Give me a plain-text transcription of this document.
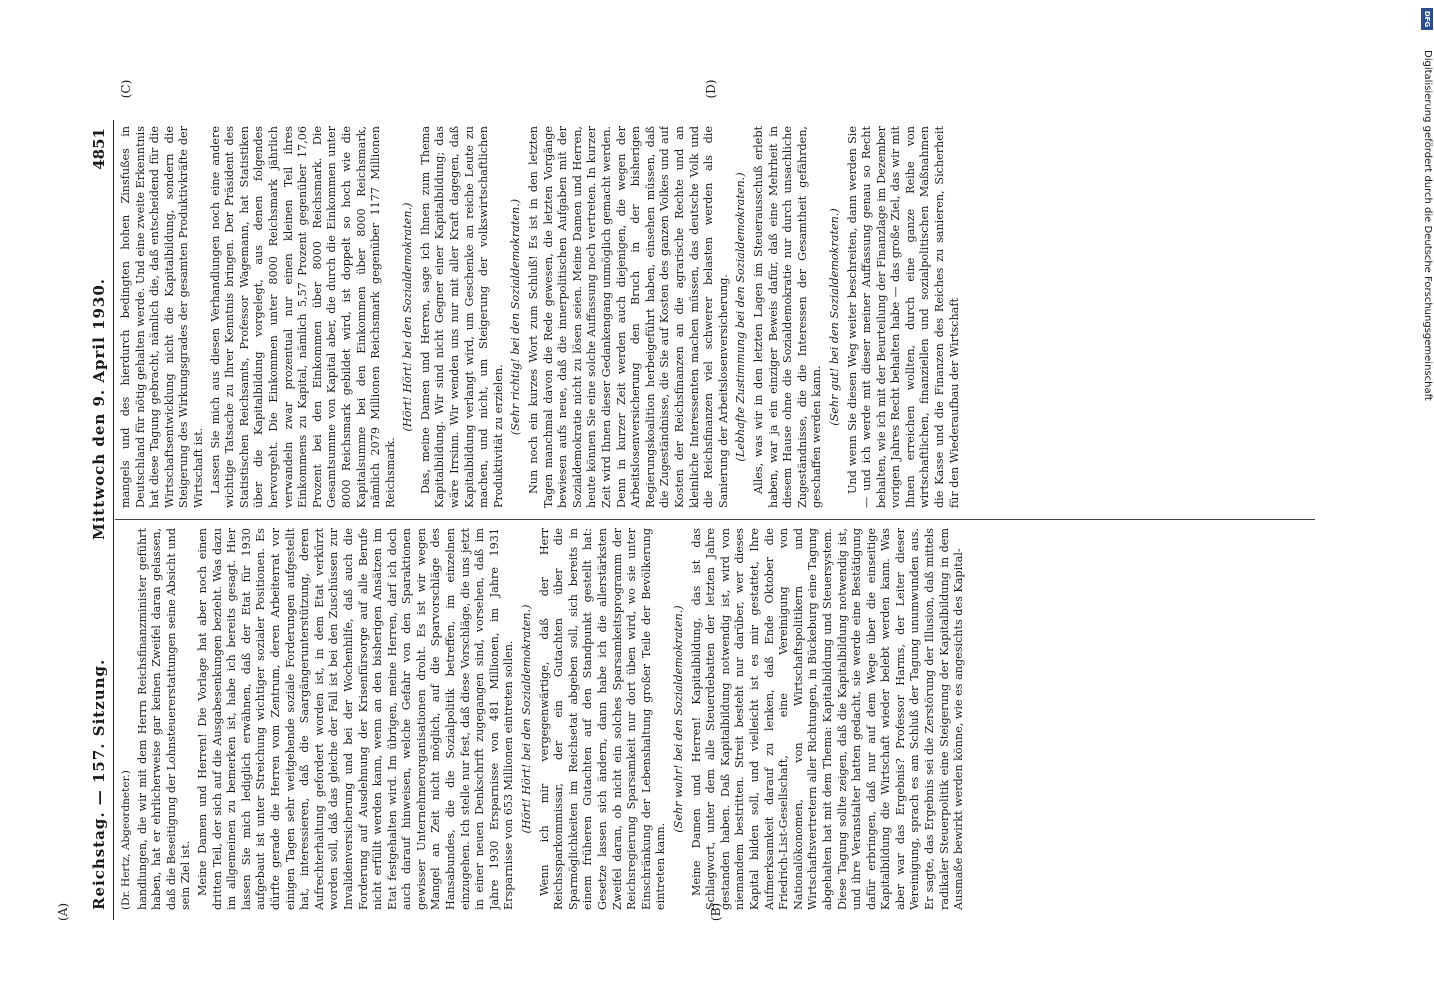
Reichstag. — 157. Sitzung.
Mittwoch den 9. April 1930.
4851

(Dr. Hertz, Abgeordneter.) handlungen, die wir mit dem Herrn Reichsfinanzminister geführt haben, hat er ehrlicherweise gar keinen Zweifel daran gelassen, daß die Beseitigung der Lohnsteuererstattungen seine Absicht und sein Ziel ist. Meine Damen und Herren! Die Vorlage hat aber noch einen dritten Teil, der sich auf die Ausgabesenkungen bezieht. Was dazu im allgemeinen zu bemerken ist, habe ich bereits gesagt. Hier lassen Sie mich lediglich erwähnen, daß der Etat für 1930 aufgebaut ist unter Streichung wichtiger sozialer Positionen. Es dürfte gerade die Herren vom Zentrum, deren Arbeiterrat vor einigen Tagen sehr weitgehende soziale Forderungen aufgestellt hat, interessieren, daß die Saargängerunterstützung, deren Aufrechterhaltung gefordert worden ist, in dem Etat verkürzt worden soll, daß das gleiche der Fall ist bei den Zuschüssen zur Invalidenversicherung und bei der Wochenhilfe, daß auch die Forderung auf Ausdehnung der Krisenfürsorge auf alle Berufe nicht erfüllt werden kann, wenn an den bisherigen Ansätzen im Etat festgehalten wird. Im übrigen, meine Herren, darf ich doch auch darauf hinweisen, welche Gefahr von den Sparaktionen gewisser Unternehmerorganisationen droht. Es ist wir wegen Mangel an Zeit nicht möglich, auf die Sparvorschläge des Hansabundes, die die Sozialpolitik betreffen, im einzelnen einzugehen. Ich stelle nur fest, daß diese Vorschläge, die uns jetzt in einer neuen Denkschrift zugegangen sind, vorsehen, daß im Jahre 1930 Ersparnisse von 481 Millionen, im Jahre 1931 Ersparnisse von 653 Millionen eintreten sollen. (Hört! Hört! bei den Sozialdemokraten.) Wenn ich mir vergegenwärtige, daß der Herr Reichssparkommissar, der ein Gutachten über die Sparmöglichkeiten im Reichsetat abgeben soll, sich bereits in einem früheren Gutachten auf den Standpunkt gestellt hat: Gesetze lassen sich ändern, dann habe ich die allerstärksten Zweifel daran, ob nicht ein solches Sparsamkeitsprogramm der Reichsregierung Sparsamkeit nur dort üben wird, wo sie unter Einschränkung der Lebenshaltung großer Teile der Bevölkerung eintreten kann.

(Sehr wahr! bei den Sozialdemokraten.) Meine Damen und Herren! Kapitalbildung, das ist das Schlagwort, unter dem alle Steuerdebatten der letzten Jahre gestanden haben. Daß Kapitalbildung notwendig ist, wird von niemandem bestritten. Streit besteht nur darüber, wer dieses Kapital bilden soll, und vielleicht ist es mir gestattet, Ihre Aufmerksamkeit darauf zu lenken, daß Ende Oktober die Friedrich-List-Gesellschaft, eine Vereinigung von Nationalökonomen, von Wirtschaftspolitikern und Wirtschaftsvertretern aller Richtungen, in Bückeburg eine Tagung abgehalten hat mit dem Thema: Kapitalbildung und Steuersystem. Diese Tagung sollte zeigen, daß die Kapitalbildung notwendig ist, und ihre Veranstalter hatten gedacht, sie werde eine Bestätigung dafür erbringen, daß nur auf dem Wege über die einseitige Kapitalbildung die Wirtschaft wieder belebt werden kann. Was aber war das Ergebnis? Professor Harms, der Leiter dieser Vereinigung, sprach es am Schluß der Tagung unumwunden aus. Er sagte, das Ergebnis sei die Zerstörung der Illusion, daß mittels radikaler Steuerpolitik eine Steigerung der Kapitalbildung in dem Ausmaße bewirkt werden könne, wie es angesichts des Kapital-

mangels und des hierdurch bedingten hohen Zinsfußes in Deutschland für nötig gehalten werde. Und eine zweite Erkenntnis hat diese Tagung gebracht, nämlich die, daß entscheidend für die Wirtschaftsentwicklung nicht die Kapitalbildung, sondern die Steigerung des Wirkungsgrades der gesamten Produktivkräfte der Wirtschaft ist. Lassen Sie mich aus diesen Verhandlungen noch eine andere wichtige Tatsache zu Ihrer Kenntnis bringen. Der Präsident des Statistischen Reichsamts, Professor Wagemann, hat Statistiken über die Kapitalbildung vorgelegt, aus denen folgendes hervorgeht. Die Einkommen unter 8000 Reichsmark jährlich verwandeln zwar prozentual nur einen kleinen Teil ihres Einkommens zu Kapital, nämlich 5,57 Prozent gegenüber 17,06 Prozent bei den Einkommen über 8000 Reichsmark. Die Gesamtsumme von Kapital aber, die durch die Einkommen unter 8000 Reichsmark gebildet wird, ist doppelt so hoch wie die Kapitalsumme bei den Einkommen über 8000 Reichsmark, nämlich 2079 Millionen Reichsmark gegenüber 1177 Millionen Reichsmark.

(Hört! Hört! bei den Sozialdemokraten.) Das, meine Damen und Herren, sage ich Ihnen zum Thema Kapitalbildung. Wir sind nicht Gegner einer Kapitalbildung; das wäre Irrsinn. Wir wenden uns nur mit aller Kraft dagegen, daß Kapitalbildung verlangt wird, um Geschenke an reiche Leute zu machen, und nicht, um Steigerung der volkswirtschaftlichen Produktivität zu erzielen.

(Sehr richtig! bei den Sozialdemokraten.) Nun noch ein kurzes Wort zum Schluß! Es ist in den letzten Tagen manchmal davon die Rede gewesen, die letzten Vorgänge bewiesen aufs neue, daß die innerpolitischen Aufgaben mit der Sozialdemokratie nicht zu lösen seien. Meine Damen und Herren, heute können Sie eine solche Auffassung noch vertreten. In kurzer Zeit wird Ihnen dieser Gedankengang unmöglich gemacht werden. Denn in kurzer Zeit werden auch diejenigen, die wegen der Arbeitslosenversicherung den Bruch in der bisherigen Regierungskoalition herbeigeführt haben, einsehen müssen, daß die Zugeständnisse, die Sie auf Kosten des ganzen Volkes und auf Kosten der Reichsfinanzen an die agrarische Rechte und an kleinliche Interessenten machen müssen, das deutsche Volk und die Reichsfinanzen viel schwerer belasten werden als die Sanierung der Arbeitslosenversicherung. (Lebhafte Zustimmung bei den Sozialdemokraten.) Alles, was wir in den letzten Lagen im Steuerausschuß erlebt haben, war ja ein einziger Beweis dafür, daß eine Mehrheit in diesem Hause ohne die Sozialdemokratie nur durch unsachliche Zugeständnisse, die die Interessen der Gesamtheit gefährden, geschaffen werden kann.

(Sehr gut! bei den Sozialdemokraten.) Und wenn Sie diesen Weg weiter beschreiten, dann werden Sie — und ich werde mit dieser meiner Auffassung genau so Recht behalten, wie ich mit der Beurteilung der Finanzlage im Dezember vorigen Jahres Recht behalten habe — das große Ziel, das wir mit Ihnen erreichen wollten, durch eine ganze Reihe von wirtschaftlichen, finanziellen und sozialpolitischen Maßnahmen die Kasse und die Finanzen des Reiches zu sanieren, Sicherheit für den Wiederaufbau der Wirtschaft

(A)	(B)
(C)	(D)
DFG
Digitalisierung gefördert durch die Deutsche Forschungsgemeinschaft
